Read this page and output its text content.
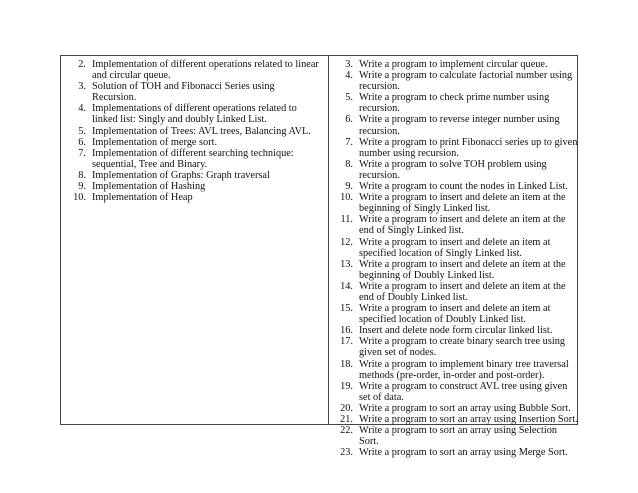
2. Implementation of different operations related to linear and circular queue.
3. Solution of TOH and Fibonacci Series using Recursion.
4. Implementations of different operations related to linked list: Singly and doubly Linked List.
5. Implementation of Trees: AVL trees, Balancing AVL.
6. Implementation of merge sort.
7. Implementation of different searching technique: sequential, Tree and Binary.
8. Implementation of Graphs: Graph traversal
9. Implementation of Hashing
10. Implementation of Heap
3. Write a program to implement circular queue.
4. Write a program to calculate factorial number using recursion.
5. Write a program to check prime number using recursion.
6. Write a program to reverse integer number using recursion.
7. Write a program to print Fibonacci series up to given number using recursion.
8. Write a program to solve TOH problem using recursion.
9. Write a program to count the nodes in Linked List.
10. Write a program to insert and delete an item at the beginning of Singly Linked list.
11. Write a program to insert and delete an item at the end of Singly Linked list.
12. Write a program to insert and delete an item at specified location of Singly Linked list.
13. Write a program to insert and delete an item at the beginning of Doubly Linked list.
14. Write a program to insert and delete an item at the end of Doubly Linked list.
15. Write a program to insert and delete an item at specified location of Doubly Linked list.
16. Insert and delete node form circular linked list.
17. Write a program to create binary search tree using given set of nodes.
18. Write a program to implement binary tree traversal methods (pre-order, in-order and post-order).
19. Write a program to construct AVL tree using given set of data.
20. Write a program to sort an array using Bubble Sort.
21. Write a program to sort an array using Insertion Sort.
22. Write a program to sort an array using Selection Sort.
23. Write a program to sort an array using Merge Sort.
